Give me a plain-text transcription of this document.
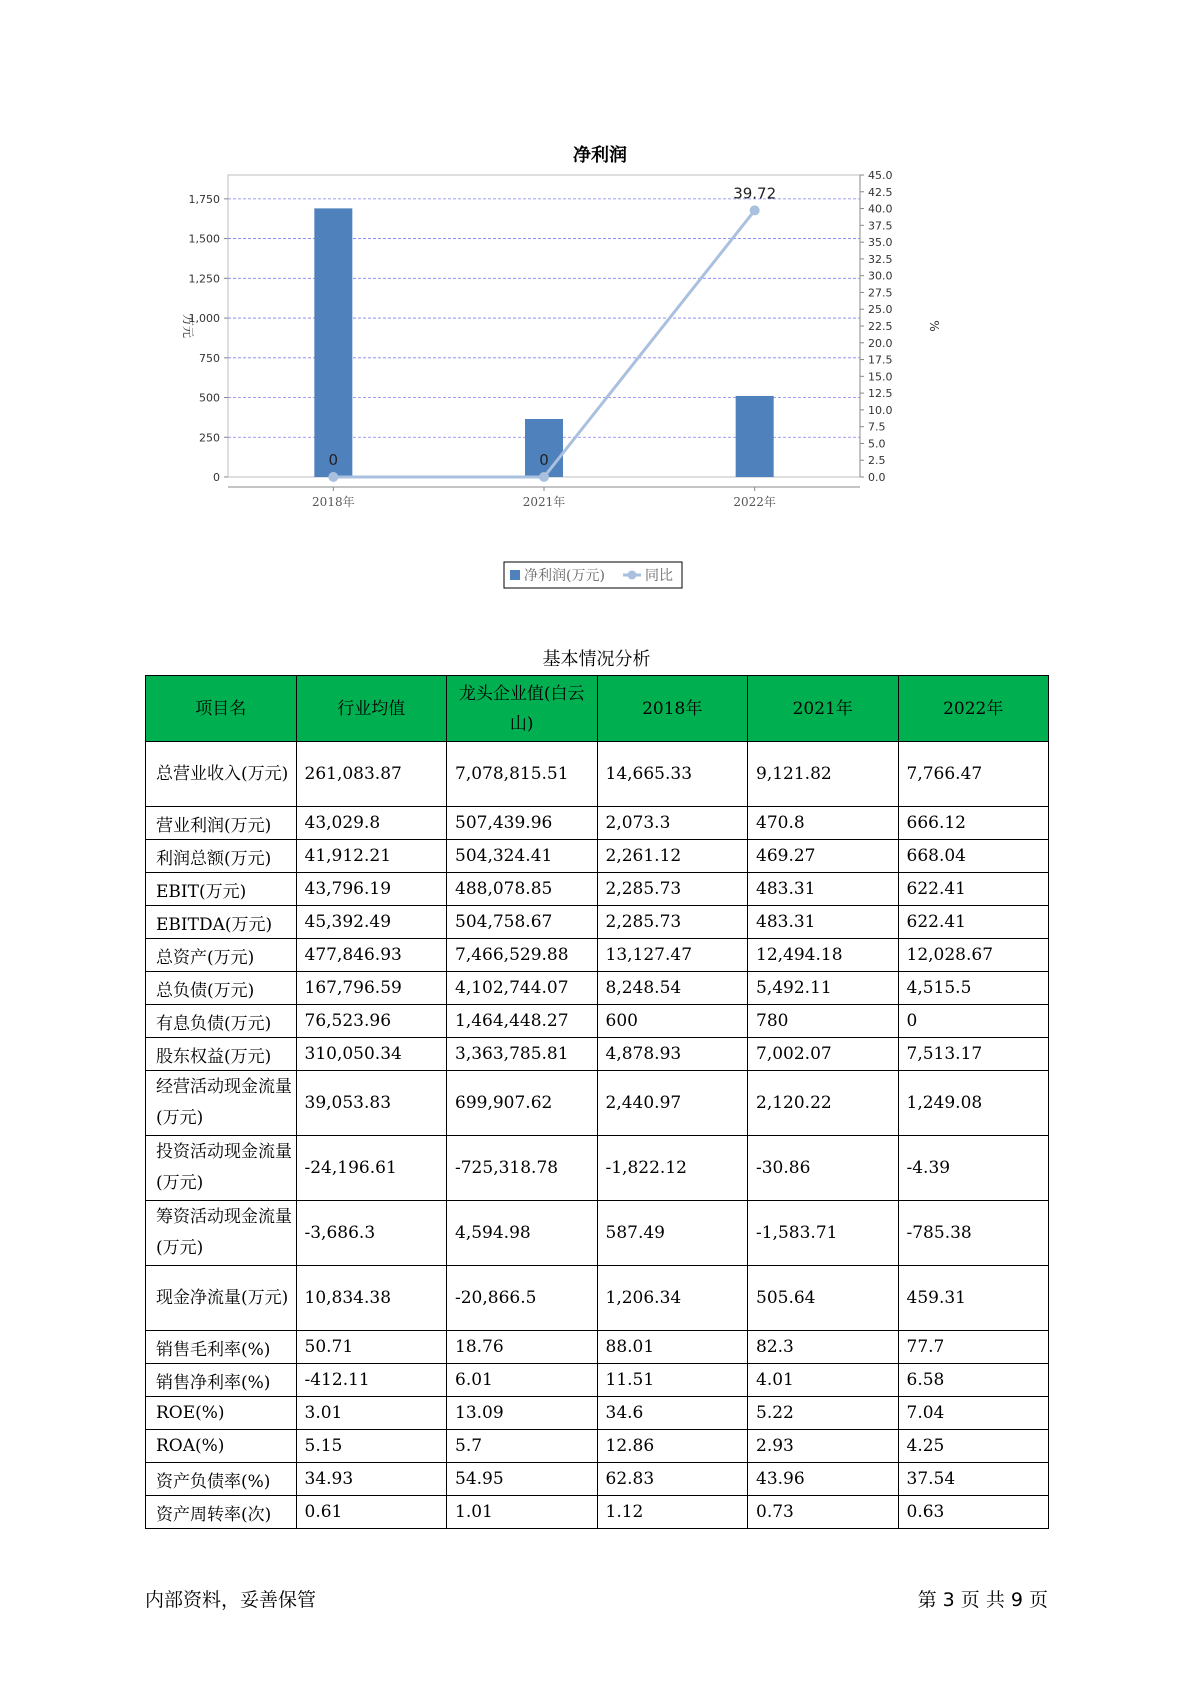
净利润
0
250
500
750
1,000
1,250
1,500
1,750
0.0
2.5
5.0
7.5
10.0
12.5
15.0
17.5
20.0
22.5
25.0
27.5
30.0
32.5
35.0
37.5
40.0
42.5
45.0
2018年	2021年	2022年
万元	%
0	0
39.72
净利润(万元)	同比
基本情况分析
项目名	行业均值	龙头企业值(白云山)	2018年	2021年	2022年
总营业收入(万元)	261,083.87	7,078,815.51	14,665.33	9,121.82	7,766.47
营业利润(万元)	43,029.8	507,439.96	2,073.3	470.8	666.12
利润总额(万元)	41,912.21	504,324.41	2,261.12	469.27	668.04
EBIT(万元)	43,796.19	488,078.85	2,285.73	483.31	622.41
EBITDA(万元)	45,392.49	504,758.67	2,285.73	483.31	622.41
总资产(万元)	477,846.93	7,466,529.88	13,127.47	12,494.18	12,028.67
总负债(万元)	167,796.59	4,102,744.07	8,248.54	5,492.11	4,515.5
有息负债(万元)	76,523.96	1,464,448.27	600	780	0
股东权益(万元)	310,050.34	3,363,785.81	4,878.93	7,002.07	7,513.17
经营活动现金流量(万元)	39,053.83	699,907.62	2,440.97	2,120.22	1,249.08
投资活动现金流量(万元)	-24,196.61	-725,318.78	-1,822.12	-30.86	-4.39
筹资活动现金流量(万元)	-3,686.3	4,594.98	587.49	-1,583.71	-785.38
现金净流量(万元)	10,834.38	-20,866.5	1,206.34	505.64	459.31
销售毛利率(%)	50.71	18.76	88.01	82.3	77.7
销售净利率(%)	-412.11	6.01	11.51	4.01	6.58
ROE(%)	3.01	13.09	34.6	5.22	7.04
ROA(%)	5.15	5.7	12.86	2.93	4.25
资产负债率(%)	34.93	54.95	62.83	43.96	37.54
资产周转率(次)	0.61	1.01	1.12	0.73	0.63
内部资料，妥善保管	第 3 页 共 9 页
